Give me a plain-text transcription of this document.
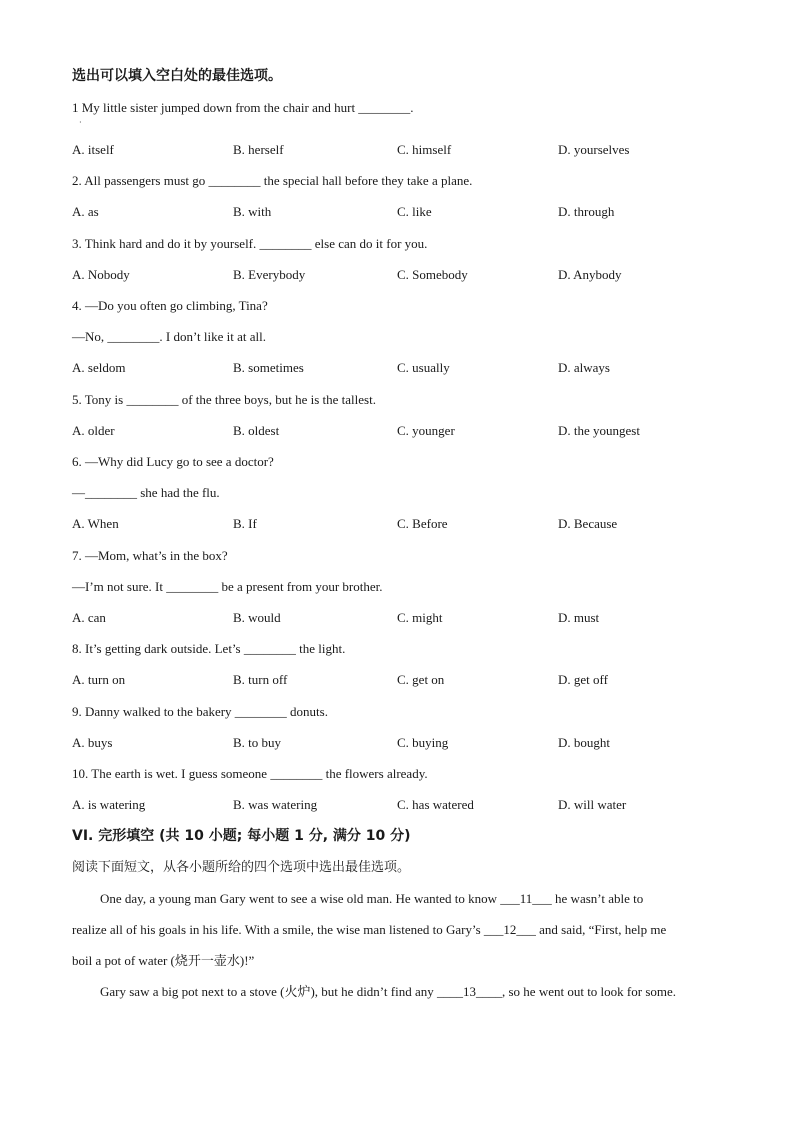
选出可以填入空白处的最佳选项。
1 My little sister jumped down from the chair and hurt ________.
·
A. itself	B. herself	C. himself	D. yourselves
2. All passengers must go ________ the special hall before they take a plane.
A. as	B. with	C. like	D. through
3. Think hard and do it by yourself. ________ else can do it for you.
A. Nobody	B. Everybody	C. Somebody	D. Anybody
4. —Do you often go climbing, Tina?
—No, ________. I don’t like it at all.
A. seldom	B. sometimes	C. usually	D. always
5. Tony is ________ of the three boys, but he is the tallest.
A. older	B. oldest	C. younger	D. the youngest
6. —Why did Lucy go to see a doctor?
—________ she had the flu.
A. When	B. If	C. Before	D. Because
7. —Mom, what’s in the box?
—I’m not sure. It ________ be a present from your brother.
A. can	B. would	C. might	D. must
8. It’s getting dark outside. Let’s ________ the light.
A. turn on	B. turn off	C. get on	D. get off
9. Danny walked to the bakery ________ donuts.
A. buys	B. to buy	C. buying	D. bought
10. The earth is wet. I guess someone ________ the flowers already.
A. is watering	B. was watering	C. has watered	D. will water
VI. 完形填空 (共 10 小题; 每小题 1 分, 满分 10 分)
阅读下面短文，从各小题所给的四个选项中选出最佳选项。
One day, a young man Gary went to see a wise old man. He wanted to know ___11___ he wasn’t able to
realize all of his goals in his life. With a smile, the wise man listened to Gary’s ___12___ and said, “First, help me
boil a pot of water (烧开一壶水)!”
Gary saw a big pot next to a stove (火炉), but he didn’t find any ____13____, so he went out to look for some.
